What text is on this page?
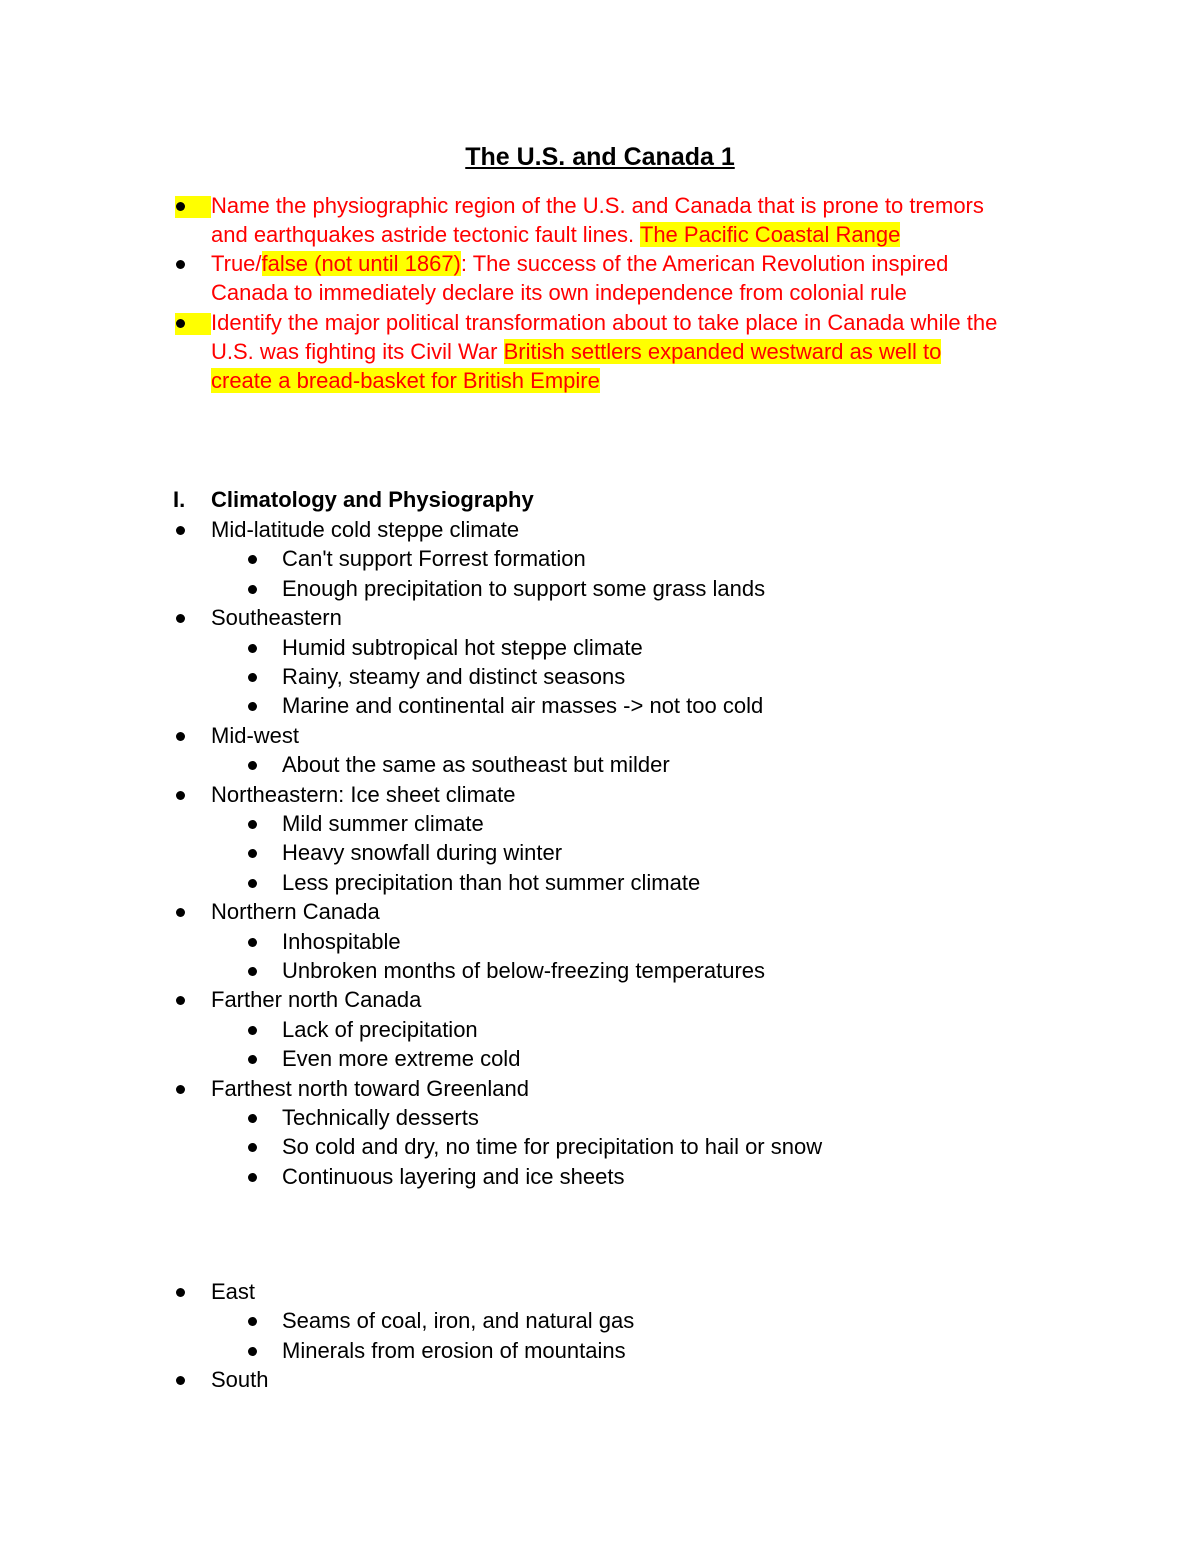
The U.S. and Canada 1
Name the physiographic region of the U.S. and Canada that is prone to tremors
and earthquakes astride tectonic fault lines. The Pacific Coastal Range
True/false (not until 1867): The success of the American Revolution inspired
Canada to immediately declare its own independence from colonial rule
Identify the major political transformation about to take place in Canada while the
U.S. was fighting its Civil War British settlers expanded westward as well to
create a bread-basket for British Empire
I. Climatology and Physiography
Mid-latitude cold steppe climate
Can't support Forrest formation
Enough precipitation to support some grass lands
Southeastern
Humid subtropical hot steppe climate
Rainy, steamy and distinct seasons
Marine and continental air masses -> not too cold
Mid-west
About the same as southeast but milder
Northeastern: Ice sheet climate
Mild summer climate
Heavy snowfall during winter
Less precipitation than hot summer climate
Northern Canada
Inhospitable
Unbroken months of below-freezing temperatures
Farther north Canada
Lack of precipitation
Even more extreme cold
Farthest north toward Greenland
Technically desserts
So cold and dry, no time for precipitation to hail or snow
Continuous layering and ice sheets
East
Seams of coal, iron, and natural gas
Minerals from erosion of mountains
South
